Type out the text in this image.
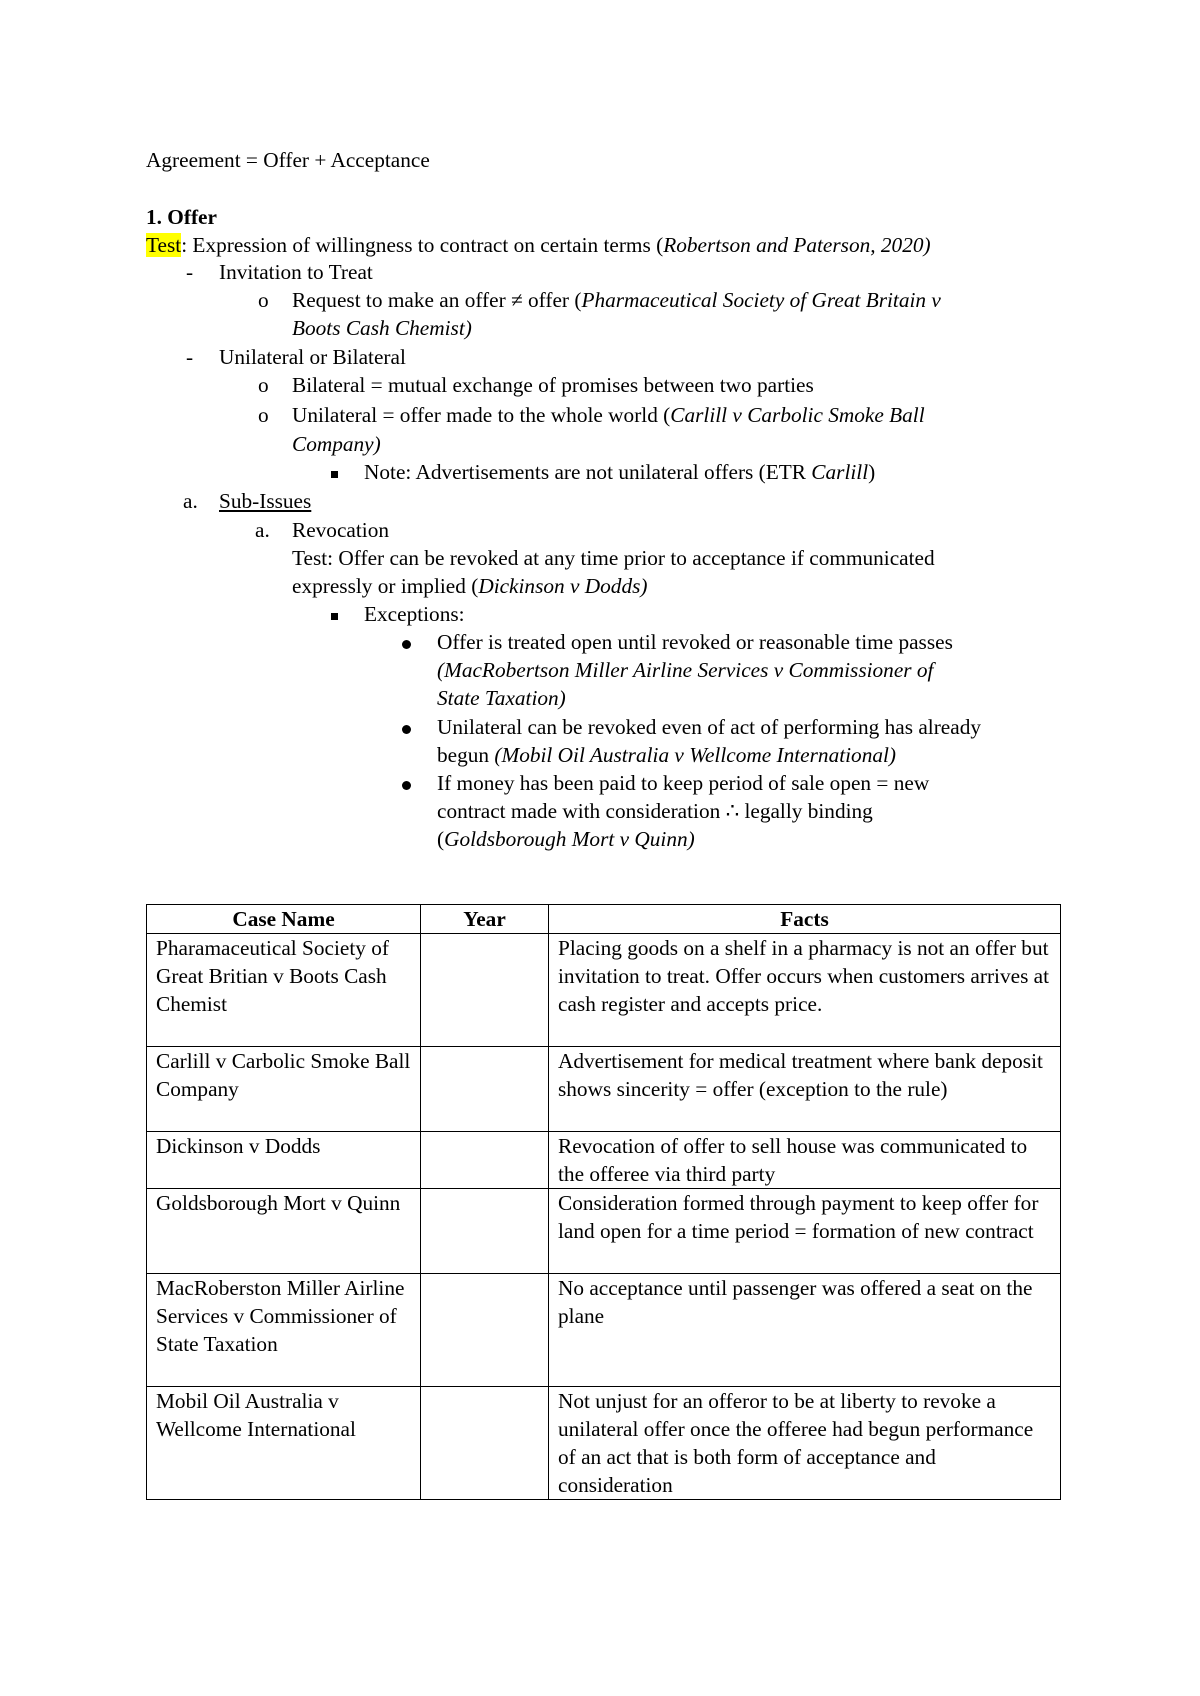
Agreement = Offer + Acceptance
1. Offer
Test: Expression of willingness to contract on certain terms (Robertson and Paterson, 2020)
- Invitation to Treat
o Request to make an offer ≠ offer (Pharmaceutical Society of Great Britain v
Boots Cash Chemist)
- Unilateral or Bilateral
o Bilateral = mutual exchange of promises between two parties
o Unilateral = offer made to the whole world (Carlill v Carbolic Smoke Ball
Company)
Note: Advertisements are not unilateral offers (ETR Carlill)
a. Sub-Issues
a. Revocation
Test: Offer can be revoked at any time prior to acceptance if communicated
expressly or implied (Dickinson v Dodds)
Exceptions:
Offer is treated open until revoked or reasonable time passes
(MacRobertson Miller Airline Services v Commissioner of
State Taxation)
Unilateral can be revoked even of act of performing has already
begun (Mobil Oil Australia v Wellcome International)
If money has been paid to keep period of sale open = new
contract made with consideration ∴ legally binding
(Goldsborough Mort v Quinn)
Case Name	Year	Facts
Pharamaceutical Society of Great Britian v Boots Cash Chemist		Placing goods on a shelf in a pharmacy is not an offer but invitation to treat. Offer occurs when customers arrives at cash register and accepts price.
Carlill v Carbolic Smoke Ball Company		Advertisement for medical treatment where bank deposit shows sincerity = offer (exception to the rule)
Dickinson v Dodds		Revocation of offer to sell house was communicated to the offeree via third party
Goldsborough Mort v Quinn		Consideration formed through payment to keep offer for land open for a time period = formation of new contract
MacRoberston Miller Airline Services v Commissioner of State Taxation		No acceptance until passenger was offered a seat on the plane
Mobil Oil Australia v Wellcome International		Not unjust for an offeror to be at liberty to revoke a unilateral offer once the offeree had begun performance of an act that is both form of acceptance and consideration
